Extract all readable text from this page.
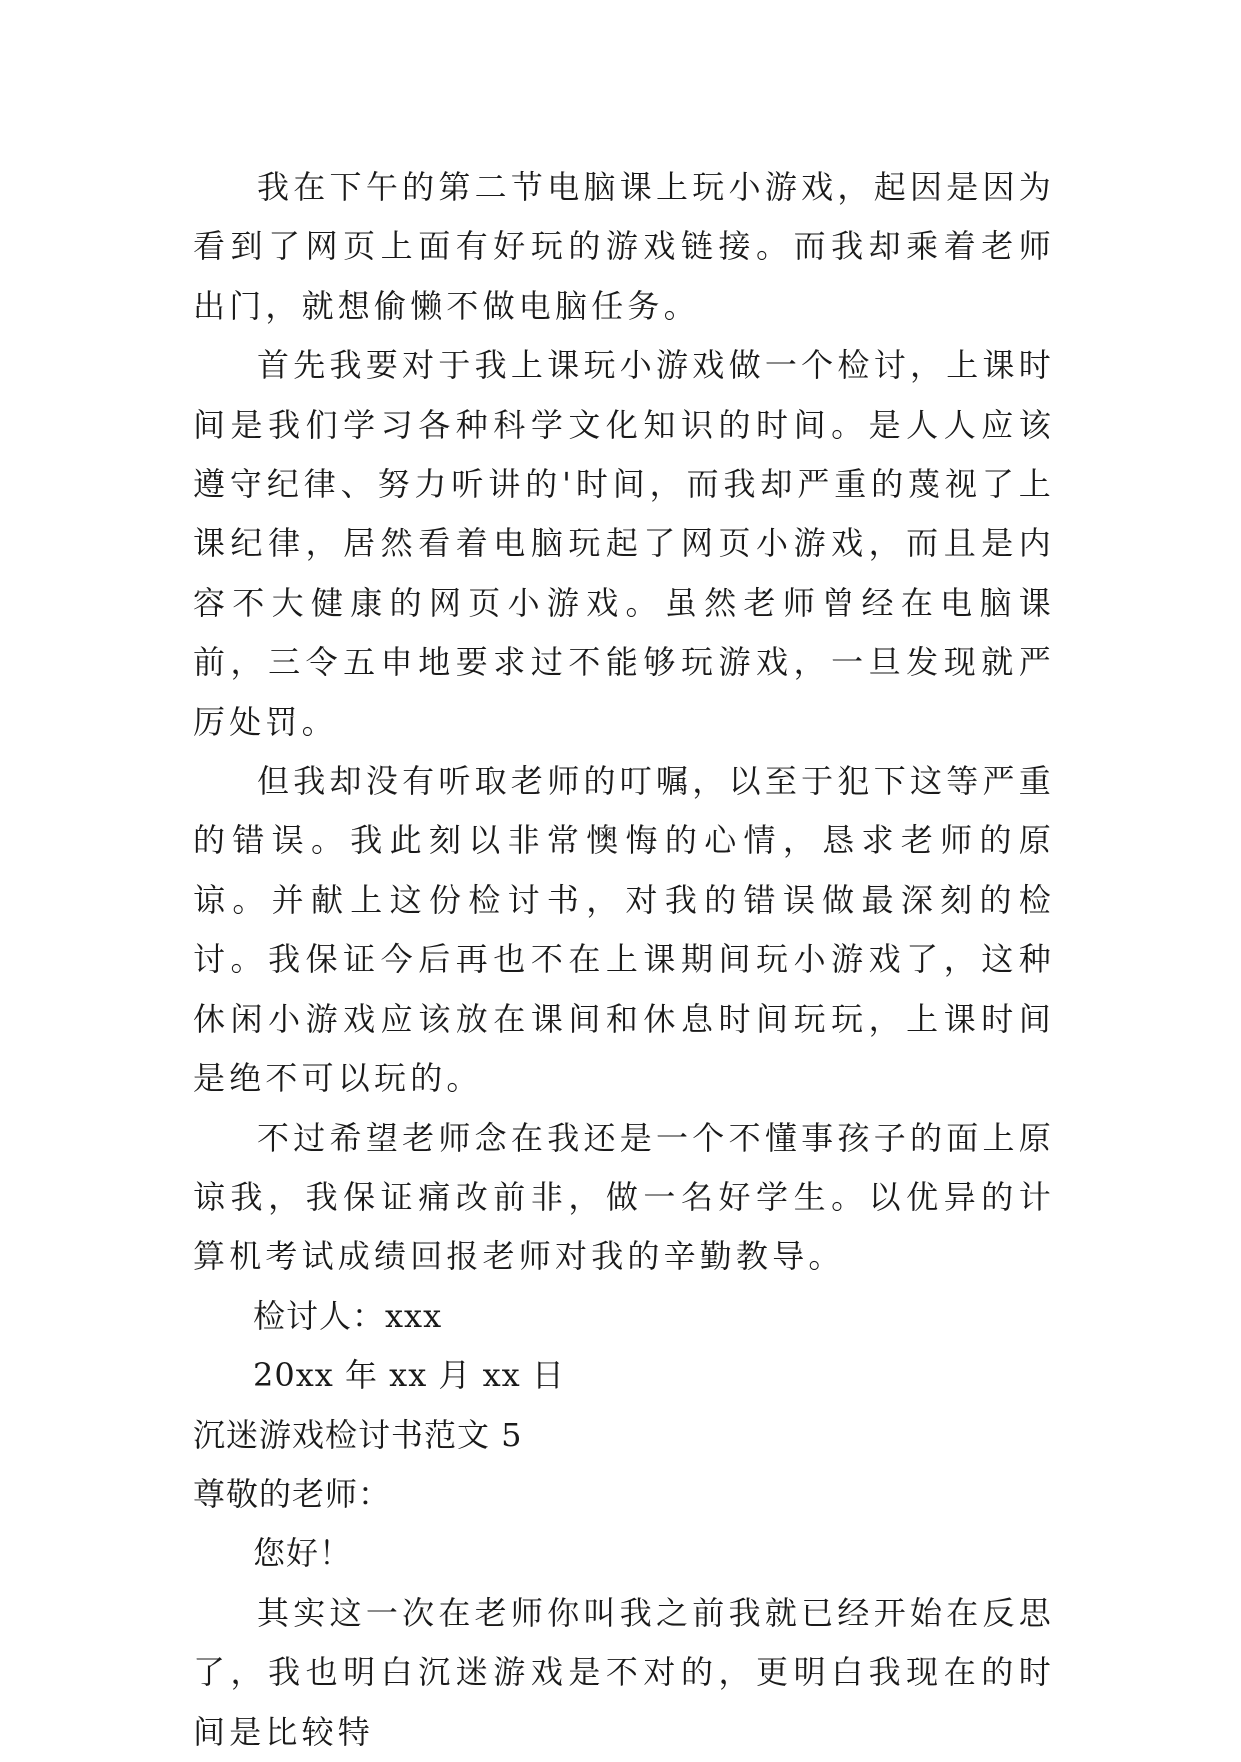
我在下午的第二节电脑课上玩小游戏，起因是因为看到了网页上面有好玩的游戏链接。而我却乘着老师出门，就想偷懒不做电脑任务。

首先我要对于我上课玩小游戏做一个检讨，上课时间是我们学习各种科学文化知识的时间。是人人应该遵守纪律、努力听讲的'时间，而我却严重的蔑视了上课纪律，居然看着电脑玩起了网页小游戏，而且是内容不大健康的网页小游戏。虽然老师曾经在电脑课前，三令五申地要求过不能够玩游戏，一旦发现就严厉处罚。

但我却没有听取老师的叮嘱，以至于犯下这等严重的错误。我此刻以非常懊悔的心情，恳求老师的原谅。并献上这份检讨书，对我的错误做最深刻的检讨。我保证今后再也不在上课期间玩小游戏了，这种休闲小游戏应该放在课间和休息时间玩玩，上课时间是绝不可以玩的。

不过希望老师念在我还是一个不懂事孩子的面上原谅我，我保证痛改前非，做一名好学生。以优异的计算机考试成绩回报老师对我的辛勤教导。

检讨人：xxx

20xx 年 xx 月 xx 日

沉迷游戏检讨书范文 5

尊敬的老师：

您好！

其实这一次在老师你叫我之前我就已经开始在反思了，我也明白沉迷游戏是不对的，更明白我现在的时间是比较特
